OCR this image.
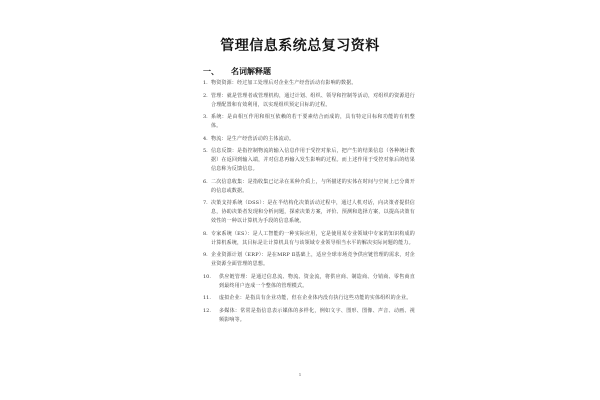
管理信息系统总复习资料
一、 名词解释题
1. 物资资源：经过加工处理后对企业生产经营活动有影响的数据。
2. 管理：就是管理者或管理机构，通过计划、组织、领导和控制等活动，对组织的资源进行合理配置和有效利用，以实现组织预定目标的过程。
3. 系统：是由相互作用和相互依赖的若干要素结合而成的，具有特定目标和功能的有机整体。
4. 物流：是生产经营活动的主体流动。
5. 信息反馈：是指控制物流的输入信息作用于受控对象后，把产生的结果信息（各种统计数据）在返回到输入端，并对信息再输入发生影响的过程。而上述作用于受控对象后的结果信息称为反馈信息。
6. 二次信息收集：是指收集已记录在某种介质上，与所描述的实体在时间与空间上已分离开的信息或数据。
7. 决策支持系统（DSS）：是在半结构化决策活动过程中，通过人机对话，向决策者提供信息，协助决策者发现和分析问题，探索决策方案，评价、预测和选择方案，以提高决策有效性的一种以计算机为手段的信息系统。
8. 专家系统（ES）：是人工智能的一种实际应用，它是使用某专业领域中专家的知识构成的计算机系统，其目标是让计算机具有与该领域专业领导相当水平的解决实际问题的能力。
9. 企业资源计划（ERP）：是在MRP Ⅱ基础上，适应全球市场竞争供应链管理的需求，对企业资源全面管理的思想。
10.	供应链管理：是通过信息流、物流、资金流，将供应商、制造商、分销商、零售商直到最终用户连成一个整体的管理模式。
11.	虚拟企业：是指具有企业功能，但在企业体内没有执行这些功能的实体组织的企业。
12.	多媒体：常常是指信息表示媒体的多样化，例如文字、图形、图像、声音、动画、视频影响等。
1
